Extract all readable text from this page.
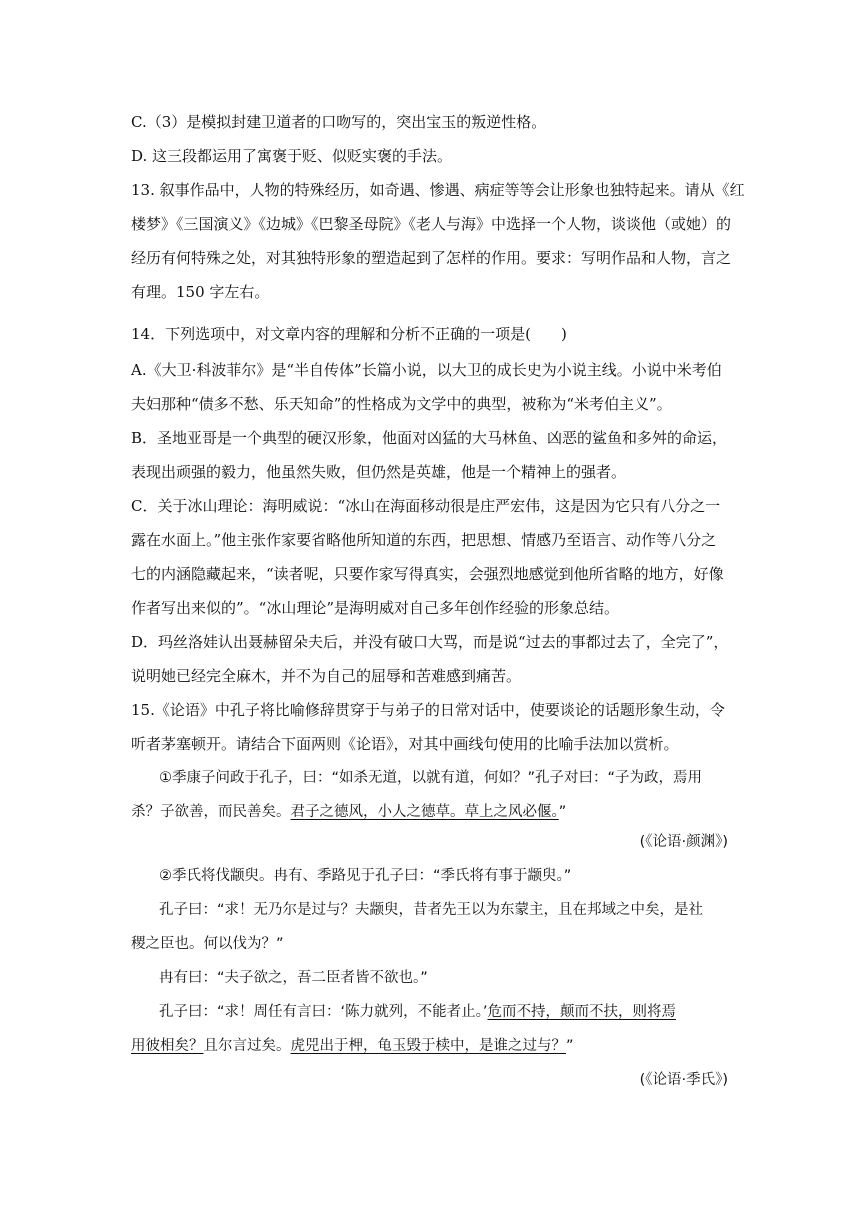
C.（3）是模拟封建卫道者的口吻写的，突出宝玉的叛逆性格。
D. 这三段都运用了寓褒于贬、似贬实褒的手法。
13. 叙事作品中，人物的特殊经历，如奇遇、惨遇、病症等等会让形象也独特起来。请从《红
楼梦》《三国演义》《边城》《巴黎圣母院》《老人与海》中选择一个人物，谈谈他（或她）的
经历有何特殊之处，对其独特形象的塑造起到了怎样的作用。要求：写明作品和人物，言之
有理。150 字左右。
14．下列选项中，对文章内容的理解和分析不正确的一项是(　　)
A.《大卫·科波菲尔》是“半自传体”长篇小说，以大卫的成长史为小说主线。小说中米考伯
夫妇那种“债多不愁、乐天知命”的性格成为文学中的典型，被称为“米考伯主义”。
B．圣地亚哥是一个典型的硬汉形象，他面对凶猛的大马林鱼、凶恶的鲨鱼和多舛的命运，
表现出顽强的毅力，他虽然失败，但仍然是英雄，他是一个精神上的强者。
C．关于冰山理论：海明威说：“冰山在海面移动很是庄严宏伟，这是因为它只有八分之一
露在水面上。”他主张作家要省略他所知道的东西，把思想、情感乃至语言、动作等八分之
七的内涵隐藏起来，“读者呢，只要作家写得真实，会强烈地感觉到他所省略的地方，好像
作者写出来似的”。“冰山理论”是海明威对自己多年创作经验的形象总结。
D．玛丝洛娃认出聂赫留朵夫后，并没有破口大骂，而是说“过去的事都过去了，全完了”，
说明她已经完全麻木，并不为自己的屈辱和苦难感到痛苦。
15.《论语》中孔子将比喻修辞贯穿于与弟子的日常对话中，使要谈论的话题形象生动，令
听者茅塞顿开。请结合下面两则《论语》，对其中画线句使用的比喻手法加以赏析。
①季康子问政于孔子，曰：“如杀无道，以就有道，何如？”孔子对曰：“子为政，焉用
杀？子欲善，而民善矣。君子之德风，小人之德草。草上之风必偃。”
(《论语·颜渊》)
②季氏将伐颛臾。冉有、季路见于孔子曰：“季氏将有事于颛臾。”
孔子曰：“求！无乃尔是过与？夫颛臾，昔者先王以为东蒙主，且在邦域之中矣，是社
稷之臣也。何以伐为？”
冉有曰：“夫子欲之，吾二臣者皆不欲也。”
孔子曰：“求！周任有言曰：‘陈力就列，不能者止。’危而不持，颠而不扶，则将焉
用彼相矣？且尔言过矣。虎兕出于柙，龟玉毁于椟中，是谁之过与？”
(《论语·季氏》)
